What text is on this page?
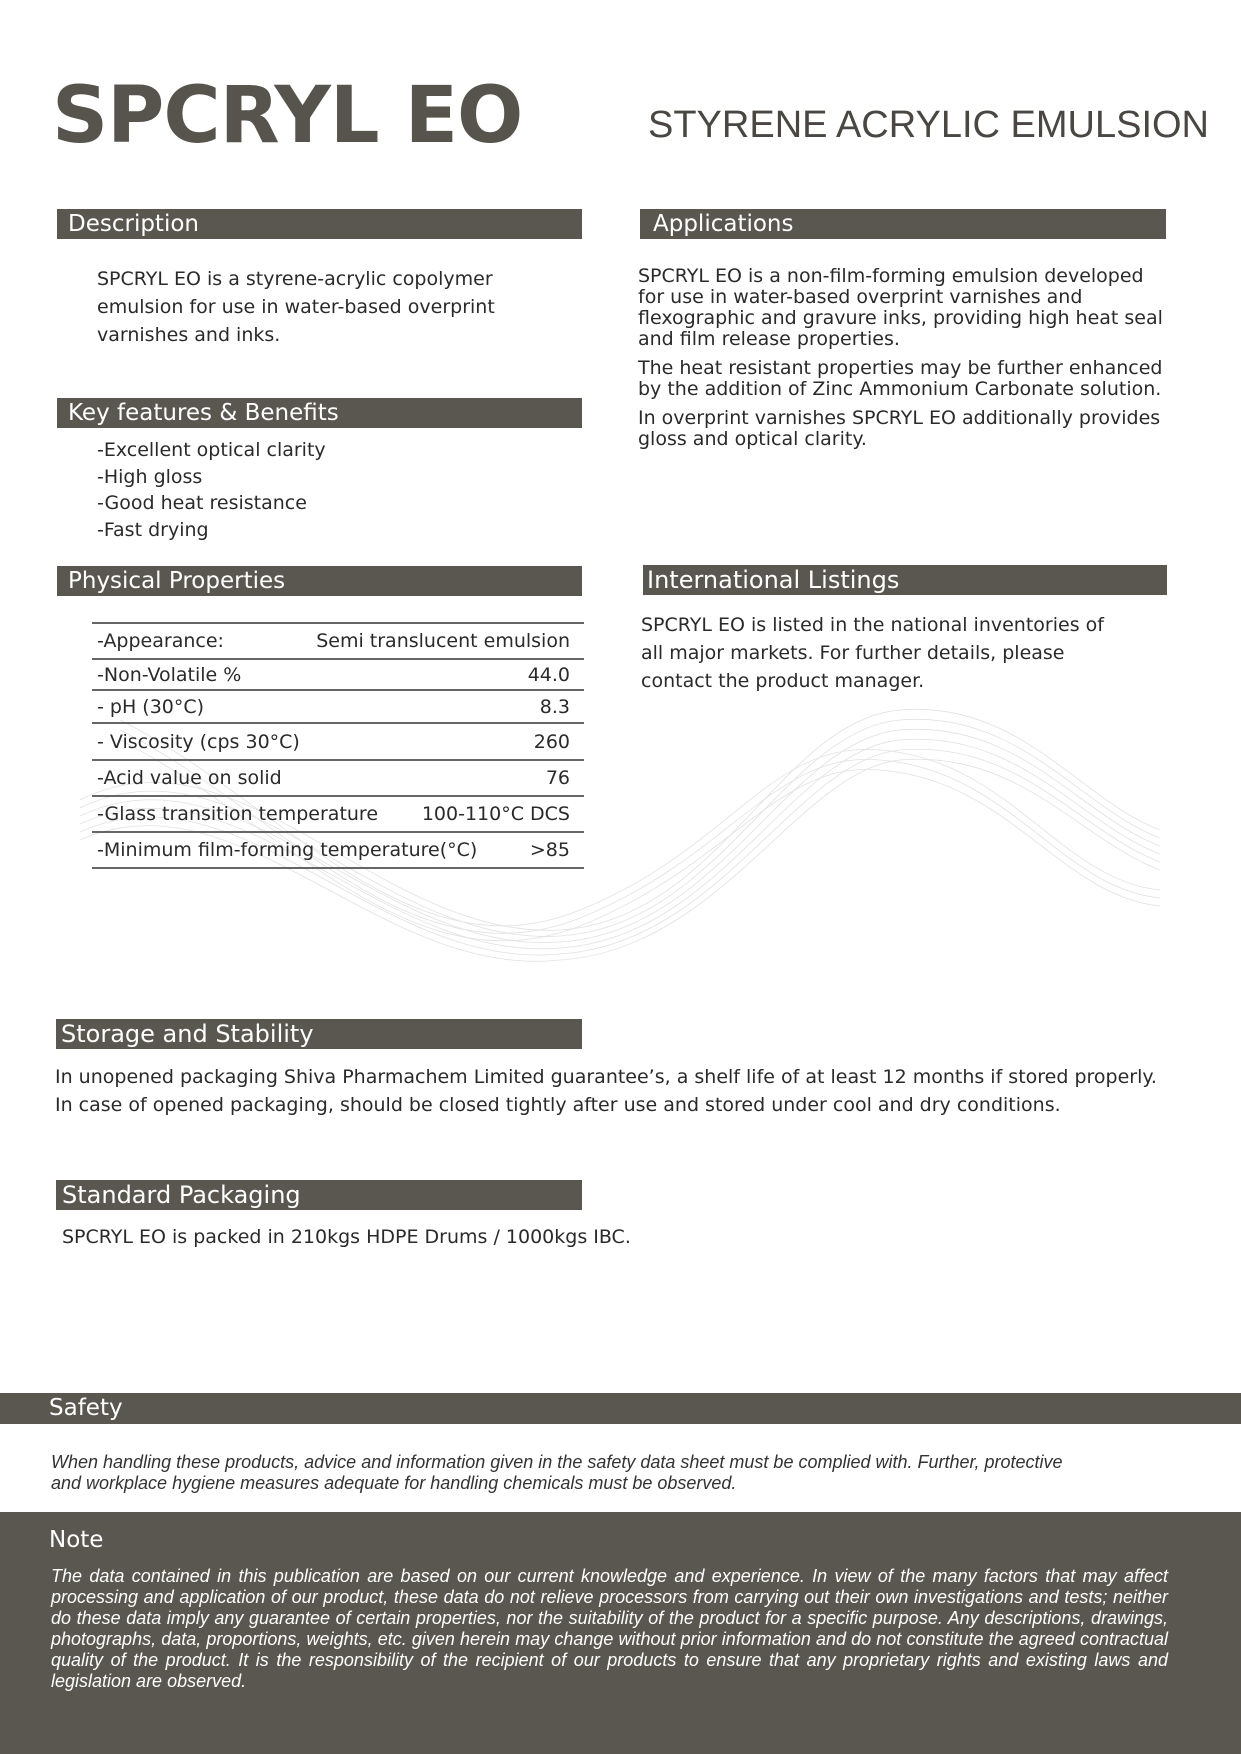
SPCRYL EO	STYRENE ACRYLIC EMULSION
Description
SPCRYL EO is a styrene-acrylic copolymer emulsion for use in water-based overprint varnishes and inks.
Applications
SPCRYL EO is a non-film-forming emulsion developed for use in water-based overprint varnishes and flexographic and gravure inks, providing high heat seal and film release properties.
The heat resistant properties may be further enhanced by the addition of Zinc Ammonium Carbonate solution.
In overprint varnishes SPCRYL EO additionally provides gloss and optical clarity.
Key features & Benefits
-Excellent optical clarity
-High gloss
-Good heat resistance
-Fast drying
Physical Properties
-Appearance:	Semi translucent emulsion
-Non-Volatile %	44.0
- pH (30°C)	8.3
- Viscosity (cps 30°C)	260
-Acid value on solid	76
-Glass transition temperature 100-110°C DCS
-Minimum film-forming temperature(°C)	>85
International Listings
SPCRYL EO is listed in the national inventories of all major markets. For further details, please contact the product manager.
Storage and Stability
In unopened packaging Shiva Pharmachem Limited guarantee’s, a shelf life of at least 12 months if stored properly.
In case of opened packaging, should be closed tightly after use and stored under cool and dry conditions.
Standard Packaging
SPCRYL EO is packed in 210kgs HDPE Drums / 1000kgs IBC.
Safety
When handling these products, advice and information given in the safety data sheet must be complied with. Further, protective and workplace hygiene measures adequate for handling chemicals must be observed.
Note
The data contained in this publication are based on our current knowledge and experience. In view of the many factors that may affect processing and application of our product, these data do not relieve processors from carrying out their own investigations and tests; neither do these data imply any guarantee of certain properties, nor the suitability of the product for a specific purpose. Any descriptions, drawings, photographs, data, proportions, weights, etc. given herein may change without prior information and do not constitute the agreed contractual quality of the product. It is the responsibility of the recipient of our products to ensure that any proprietary rights and existing laws and legislation are observed.
